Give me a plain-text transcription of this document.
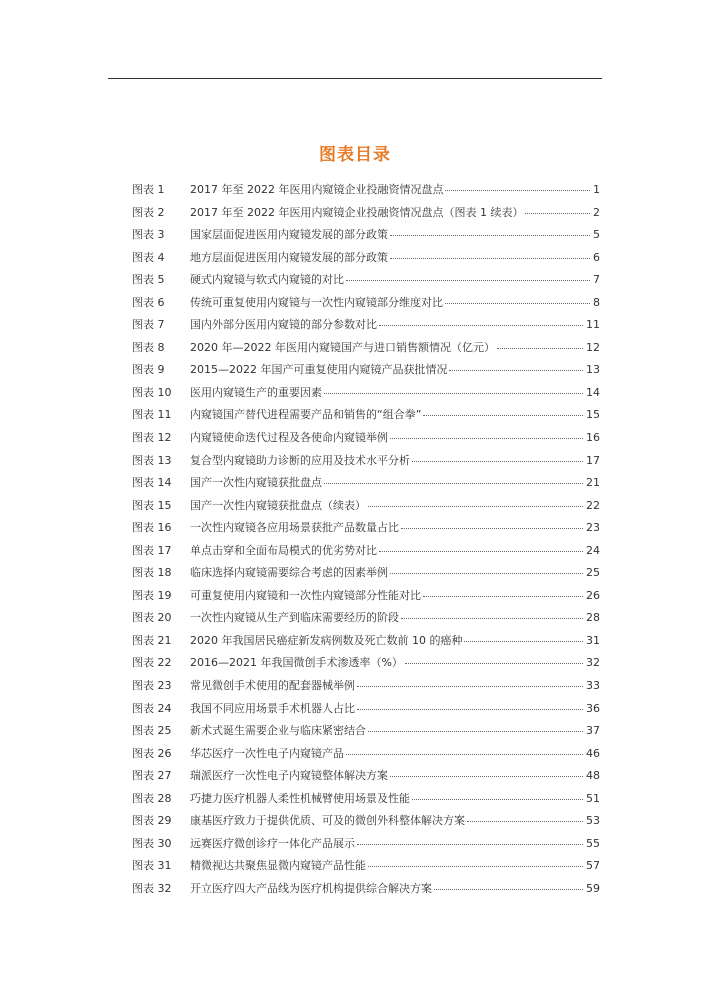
图表目录
图表 1	2017 年至 2022 年医用内窥镜企业投融资情况盘点	1
图表 2	2017 年至 2022 年医用内窥镜企业投融资情况盘点（图表 1 续表）	2
图表 3	国家层面促进医用内窥镜发展的部分政策	5
图表 4	地方层面促进医用内窥镜发展的部分政策	6
图表 5	硬式内窥镜与软式内窥镜的对比	7
图表 6	传统可重复使用内窥镜与一次性内窥镜部分维度对比	8
图表 7	国内外部分医用内窥镜的部分参数对比	11
图表 8	2020 年—2022 年医用内窥镜国产与进口销售额情况（亿元）	12
图表 9	2015—2022 年国产可重复使用内窥镜产品获批情况	13
图表 10	医用内窥镜生产的重要因素	14
图表 11	内窥镜国产替代进程需要产品和销售的“组合拳”	15
图表 12	内窥镜使命迭代过程及各使命内窥镜举例	16
图表 13	复合型内窥镜助力诊断的应用及技术水平分析	17
图表 14	国产一次性内窥镜获批盘点	21
图表 15	国产一次性内窥镜获批盘点（续表）	22
图表 16	一次性内窥镜各应用场景获批产品数量占比	23
图表 17	单点击穿和全面布局模式的优劣势对比	24
图表 18	临床选择内窥镜需要综合考虑的因素举例	25
图表 19	可重复使用内窥镜和一次性内窥镜部分性能对比	26
图表 20	一次性内窥镜从生产到临床需要经历的阶段	28
图表 21	2020 年我国居民癌症新发病例数及死亡数前 10 的癌种	31
图表 22	2016—2021 年我国微创手术渗透率（%）	32
图表 23	常见微创手术使用的配套器械举例	33
图表 24	我国不同应用场景手术机器人占比	36
图表 25	新术式诞生需要企业与临床紧密结合	37
图表 26	华芯医疗一次性电子内窥镜产品	46
图表 27	瑞派医疗一次性电子内窥镜整体解决方案	48
图表 28	巧捷力医疗机器人柔性机械臂使用场景及性能	51
图表 29	康基医疗致力于提供优质、可及的微创外科整体解决方案	53
图表 30	远赛医疗微创诊疗一体化产品展示	55
图表 31	精微视达共聚焦显微内窥镜产品性能	57
图表 32	开立医疗四大产品线为医疗机构提供综合解决方案	59
